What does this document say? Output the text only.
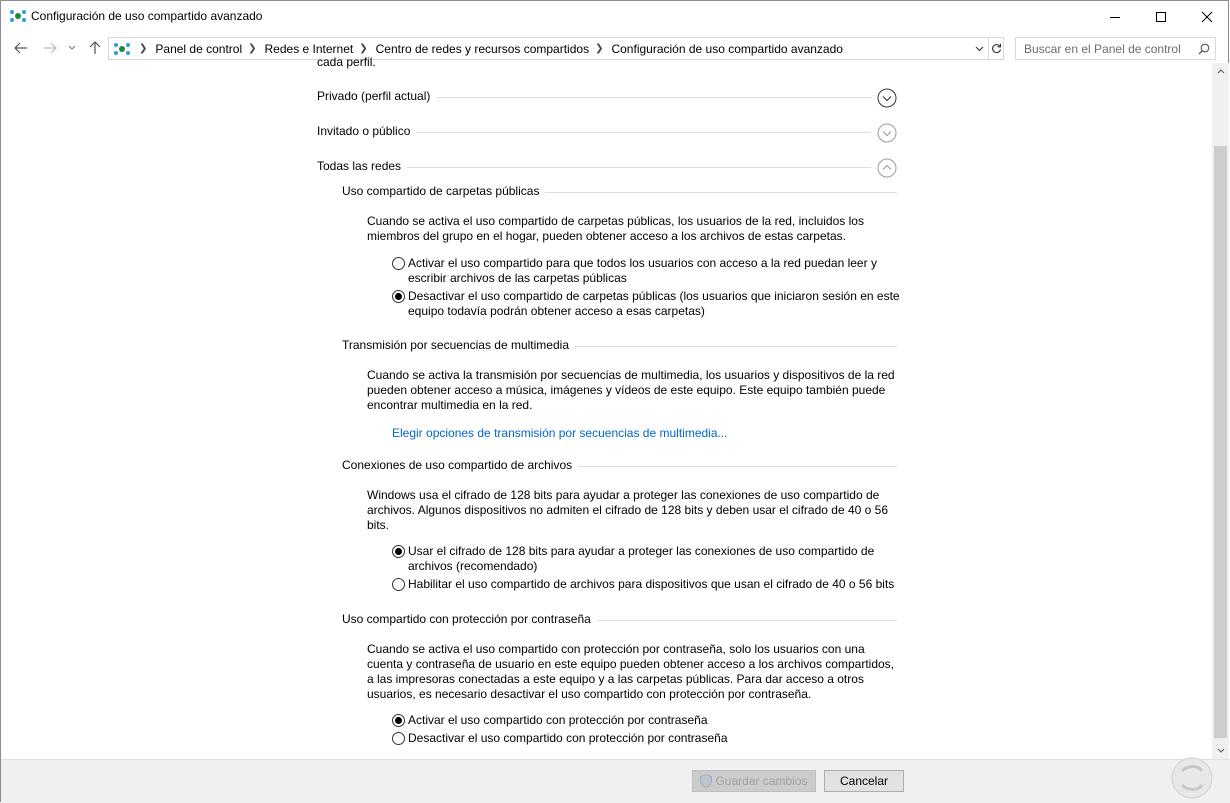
Configuración de uso compartido avanzado
❯ Panel de control ❯ Redes e Internet ❯ Centro de redes y recursos compartidos ❯ Configuración de uso compartido avanzado
Buscar en el Panel de control
cada perfil.
Privado (perfil actual)
Invitado o público
Todas las redes
Uso compartido de carpetas públicas
Cuando se activa el uso compartido de carpetas públicas, los usuarios de la red, incluidos los miembros del grupo en el hogar, pueden obtener acceso a los archivos de estas carpetas.
Activar el uso compartido para que todos los usuarios con acceso a la red puedan leer y escribir archivos de las carpetas públicas
Desactivar el uso compartido de carpetas públicas (los usuarios que iniciaron sesión en este equipo todavía podrán obtener acceso a esas carpetas)
Transmisión por secuencias de multimedia
Cuando se activa la transmisión por secuencias de multimedia, los usuarios y dispositivos de la red pueden obtener acceso a música, imágenes y vídeos de este equipo. Este equipo también puede encontrar multimedia en la red.
Elegir opciones de transmisión por secuencias de multimedia...
Conexiones de uso compartido de archivos
Windows usa el cifrado de 128 bits para ayudar a proteger las conexiones de uso compartido de archivos. Algunos dispositivos no admiten el cifrado de 128 bits y deben usar el cifrado de 40 o 56 bits.
Usar el cifrado de 128 bits para ayudar a proteger las conexiones de uso compartido de archivos (recomendado)
Habilitar el uso compartido de archivos para dispositivos que usan el cifrado de 40 o 56 bits
Uso compartido con protección por contraseña
Cuando se activa el uso compartido con protección por contraseña, solo los usuarios con una cuenta y contraseña de usuario en este equipo pueden obtener acceso a los archivos compartidos, a las impresoras conectadas a este equipo y a las carpetas públicas. Para dar acceso a otros usuarios, es necesario desactivar el uso compartido con protección por contraseña.
Activar el uso compartido con protección por contraseña
Desactivar el uso compartido con protección por contraseña
Guardar cambios	Cancelar
